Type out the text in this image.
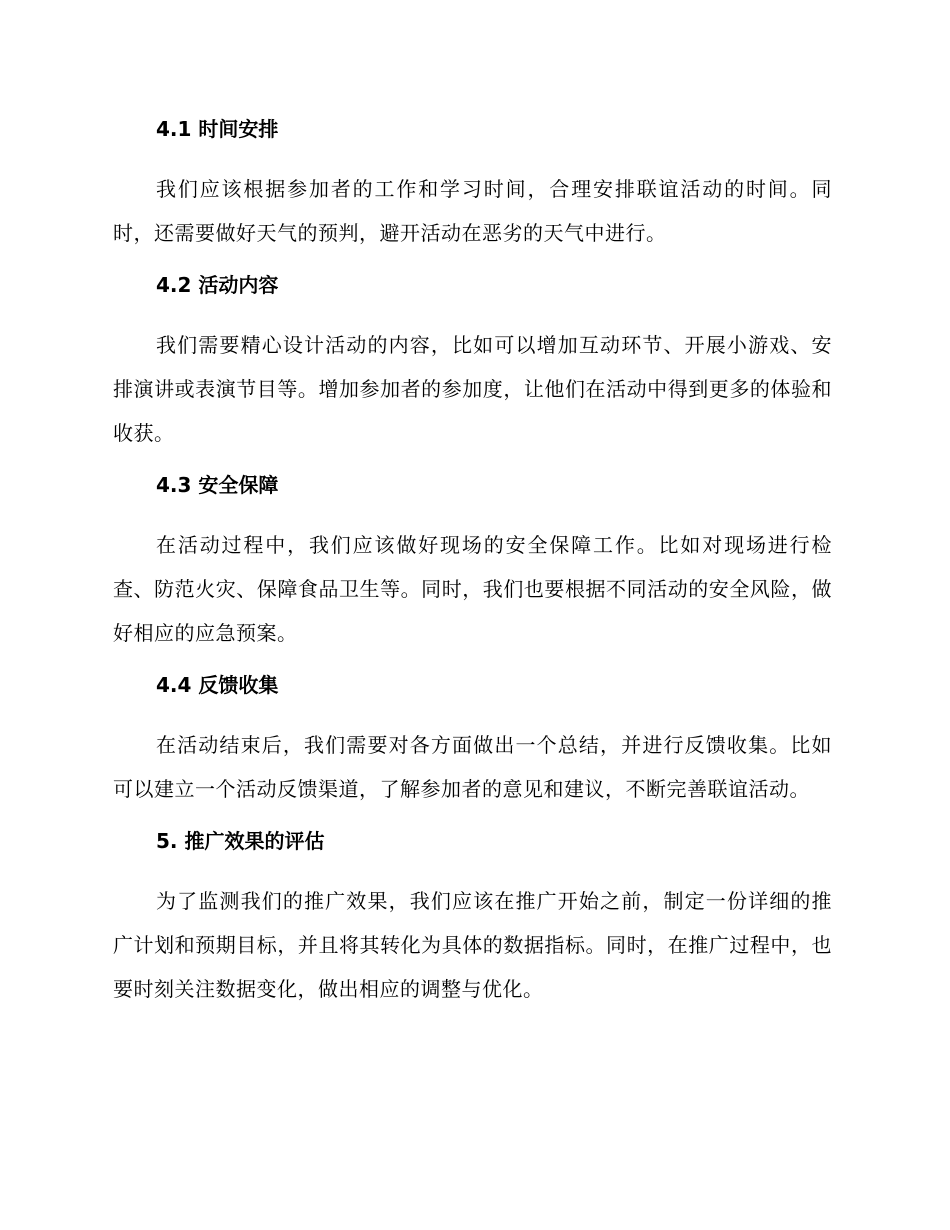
4.1 时间安排

我们应该根据参加者的工作和学习时间，合理安排联谊活动的时间。同时，还需要做好天气的预判，避开活动在恶劣的天气中进行。

4.2 活动内容

我们需要精心设计活动的内容，比如可以增加互动环节、开展小游戏、安排演讲或表演节目等。增加参加者的参加度，让他们在活动中得到更多的体验和收获。

4.3 安全保障

在活动过程中，我们应该做好现场的安全保障工作。比如对现场进行检查、防范火灾、保障食品卫生等。同时，我们也要根据不同活动的安全风险，做好相应的应急预案。

4.4 反馈收集

在活动结束后，我们需要对各方面做出一个总结，并进行反馈收集。比如可以建立一个活动反馈渠道，了解参加者的意见和建议，不断完善联谊活动。

5. 推广效果的评估

为了监测我们的推广效果，我们应该在推广开始之前，制定一份详细的推广计划和预期目标，并且将其转化为具体的数据指标。同时，在推广过程中，也要时刻关注数据变化，做出相应的调整与优化。
